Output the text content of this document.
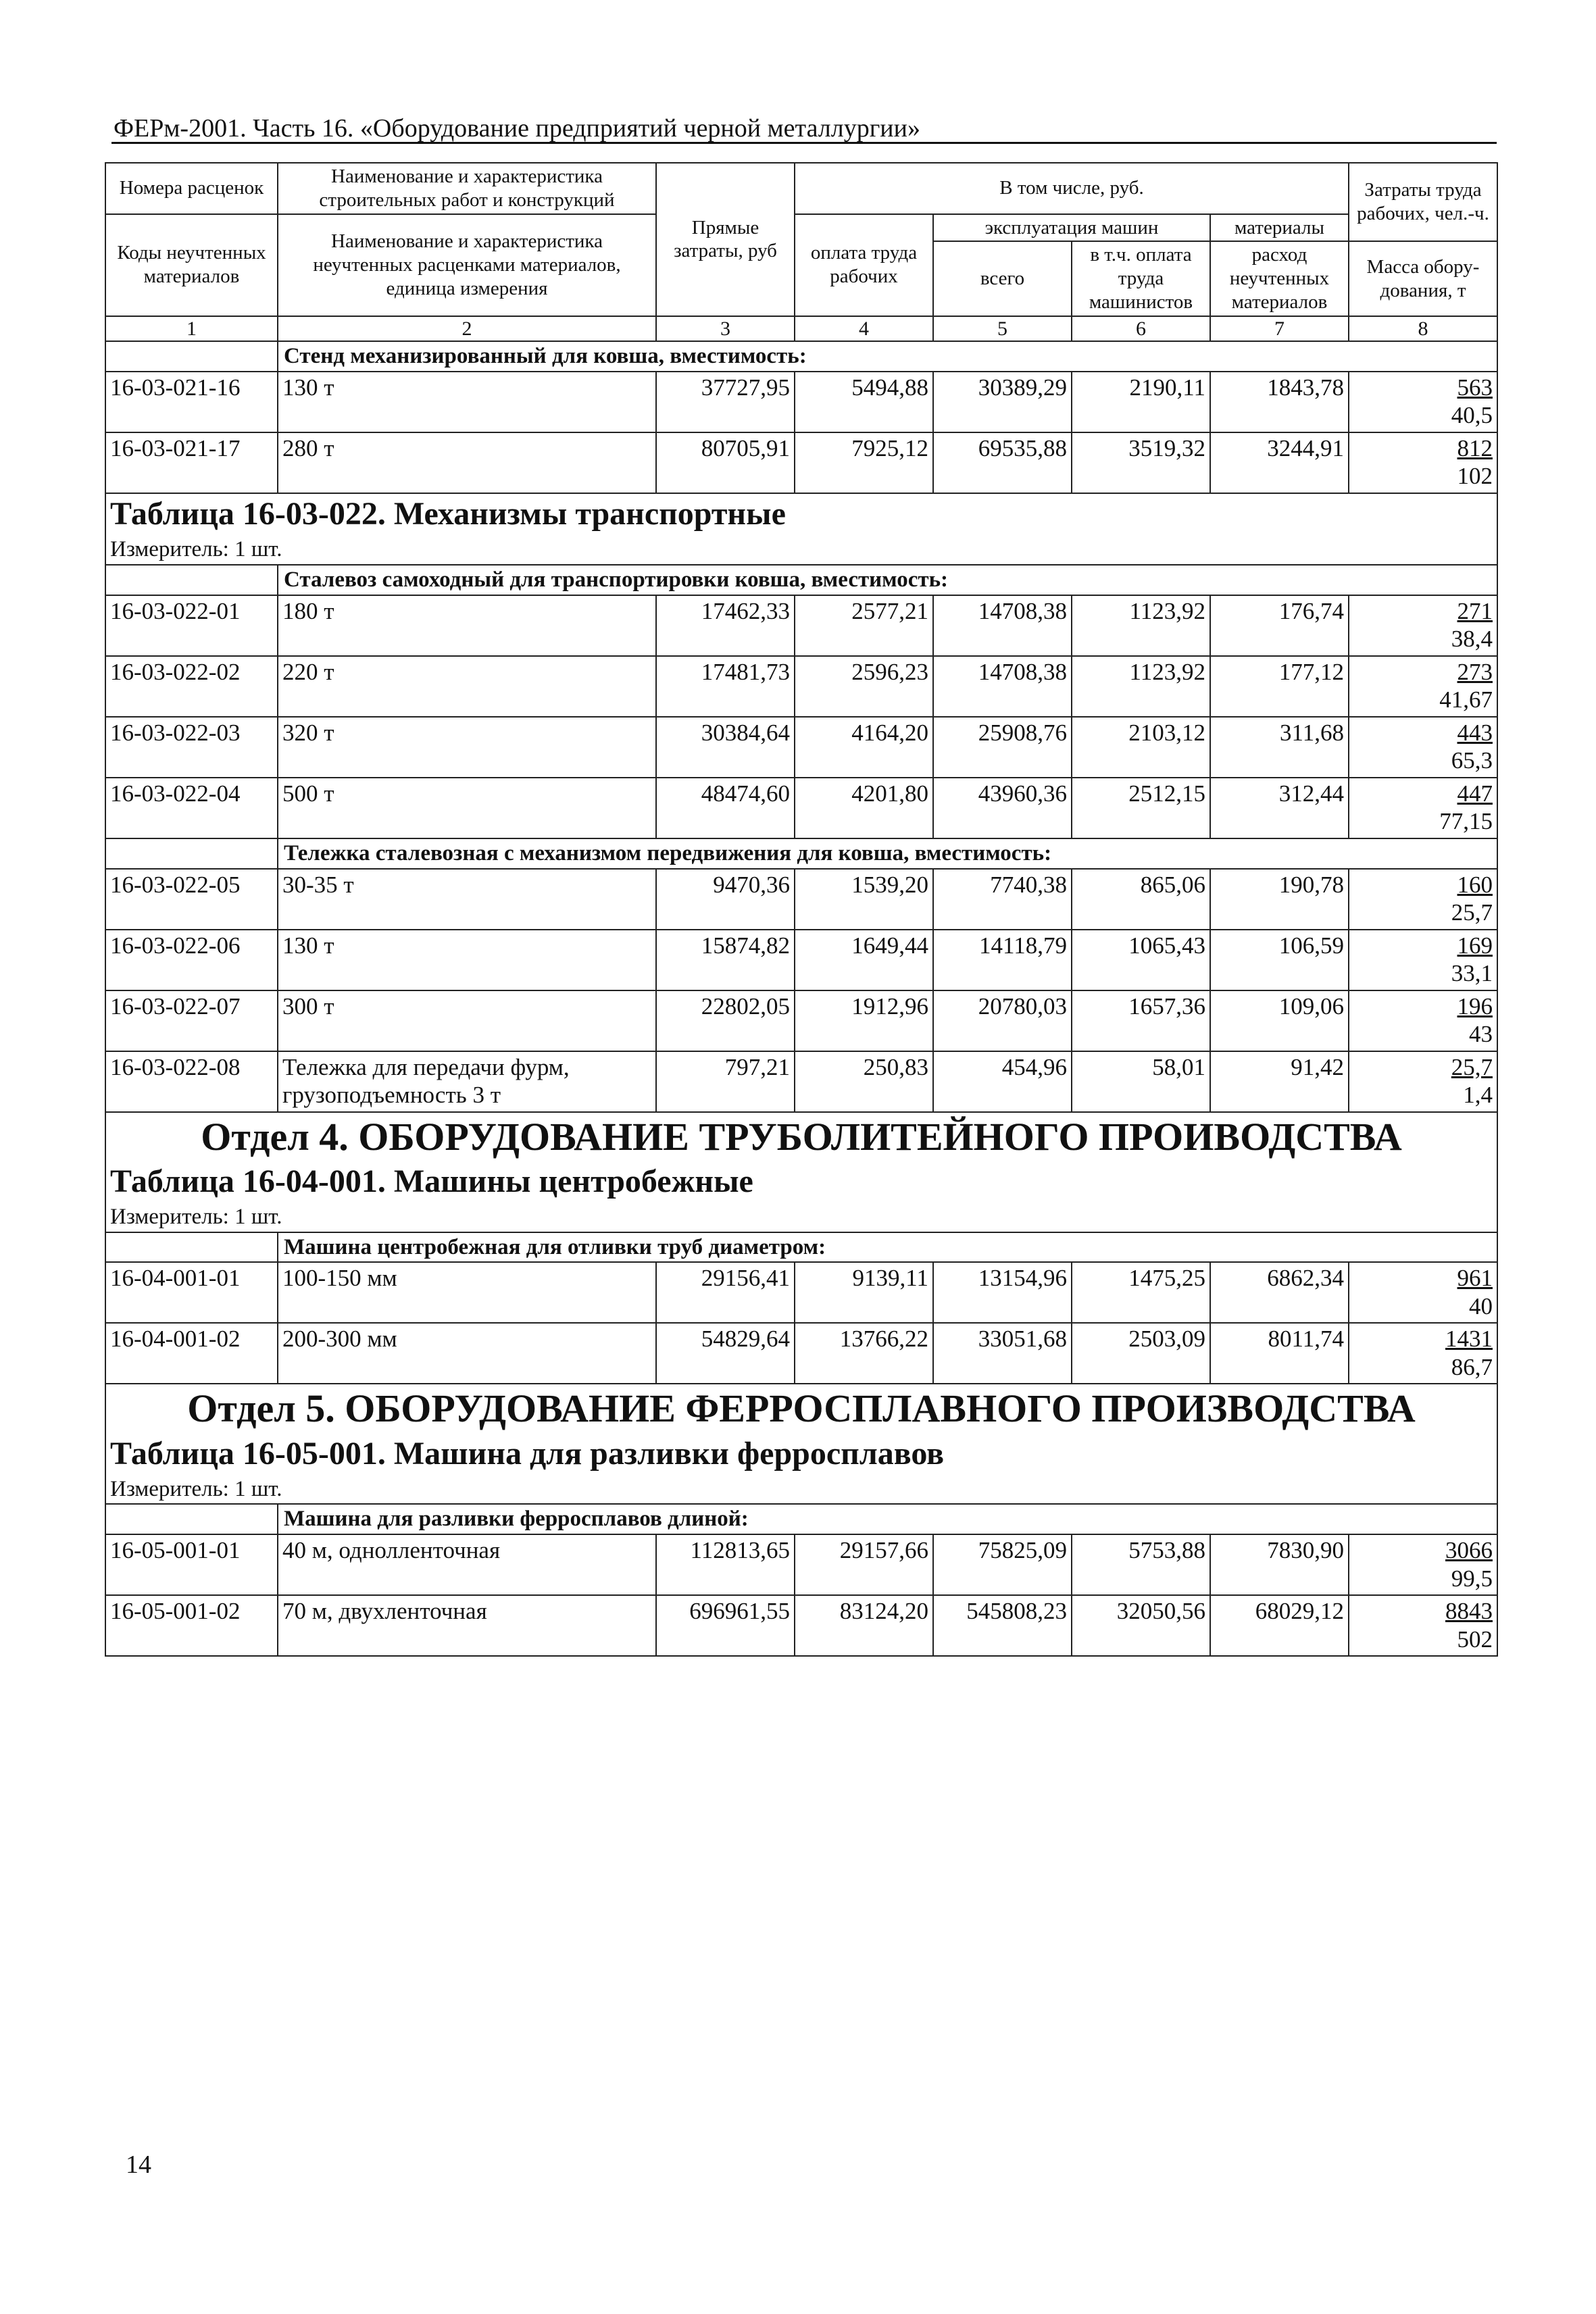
ФЕРм-2001. Часть 16. «Оборудование предприятий черной металлургии»
Номера расценок	Наименование и характеристика строительных работ и конструкций	Прямые затраты, руб	В том числе, руб.				Затраты труда рабочих, чел.-ч.
Коды неучтенных материалов	Наименование и характеристика неучтенных расценками материалов, единица измерения		оплата труда рабочих	эксплуатация машин		материалы	
				всего	в т.ч. оплата труда машинистов	расход неучтенных материалов	
							Масса обору-дования, т
1	2	3	4	5	6	7	8
	Стенд механизированный для ковша, вместимость:						
16-03-021-16	130 т	37727,95	5494,88	30389,29	2190,11	1843,78	563
40,5

16-03-021-17	280 т	80705,91	7925,12	69535,88	3519,32	3244,91	812
102

Таблица 16-03-022. Механизмы транспортные							
Измеритель: 1 шт.							
	Сталевоз самоходный для транспортировки ковша, вместимость:						
16-03-022-01	180 т	17462,33	2577,21	14708,38	1123,92	176,74	271
38,4

16-03-022-02	220 т	17481,73	2596,23	14708,38	1123,92	177,12	273
41,67

16-03-022-03	320 т	30384,64	4164,20	25908,76	2103,12	311,68	443
65,3

16-03-022-04	500 т	48474,60	4201,80	43960,36	2512,15	312,44	447
77,15

	Тележка сталевозная с механизмом передвижения для ковша, вместимость:						
16-03-022-05	30-35 т	9470,36	1539,20	7740,38	865,06	190,78	160
25,7

16-03-022-06	130 т	15874,82	1649,44	14118,79	1065,43	106,59	169
33,1

16-03-022-07	300 т	22802,05	1912,96	20780,03	1657,36	109,06	196
43

16-03-022-08	Тележка для передачи фурм, грузоподъемность 3 т	797,21	250,83	454,96	58,01	91,42	25,7
1,4

Отдел 4. ОБОРУДОВАНИЕ ТРУБОЛИТЕЙНОГО ПРОИВОДСТВА							
Таблица 16-04-001. Машины центробежные							
Измеритель: 1 шт.							
	Машина центробежная для отливки труб диаметром:						
16-04-001-01	100-150 мм	29156,41	9139,11	13154,96	1475,25	6862,34	961
40

16-04-001-02	200-300 мм	54829,64	13766,22	33051,68	2503,09	8011,74	1431
86,7

Отдел 5. ОБОРУДОВАНИЕ ФЕРРОСПЛАВНОГО ПРОИЗВОДСТВА							
Таблица 16-05-001. Машина для разливки ферросплавов							
Измеритель: 1 шт.							
	Машина для разливки ферросплавов длиной:						
16-05-001-01	40 м, однолленточная	112813,65	29157,66	75825,09	5753,88	7830,90	3066
99,5

16-05-001-02	70 м, двухленточная	696961,55	83124,20	545808,23	32050,56	68029,12	8843
502
14
